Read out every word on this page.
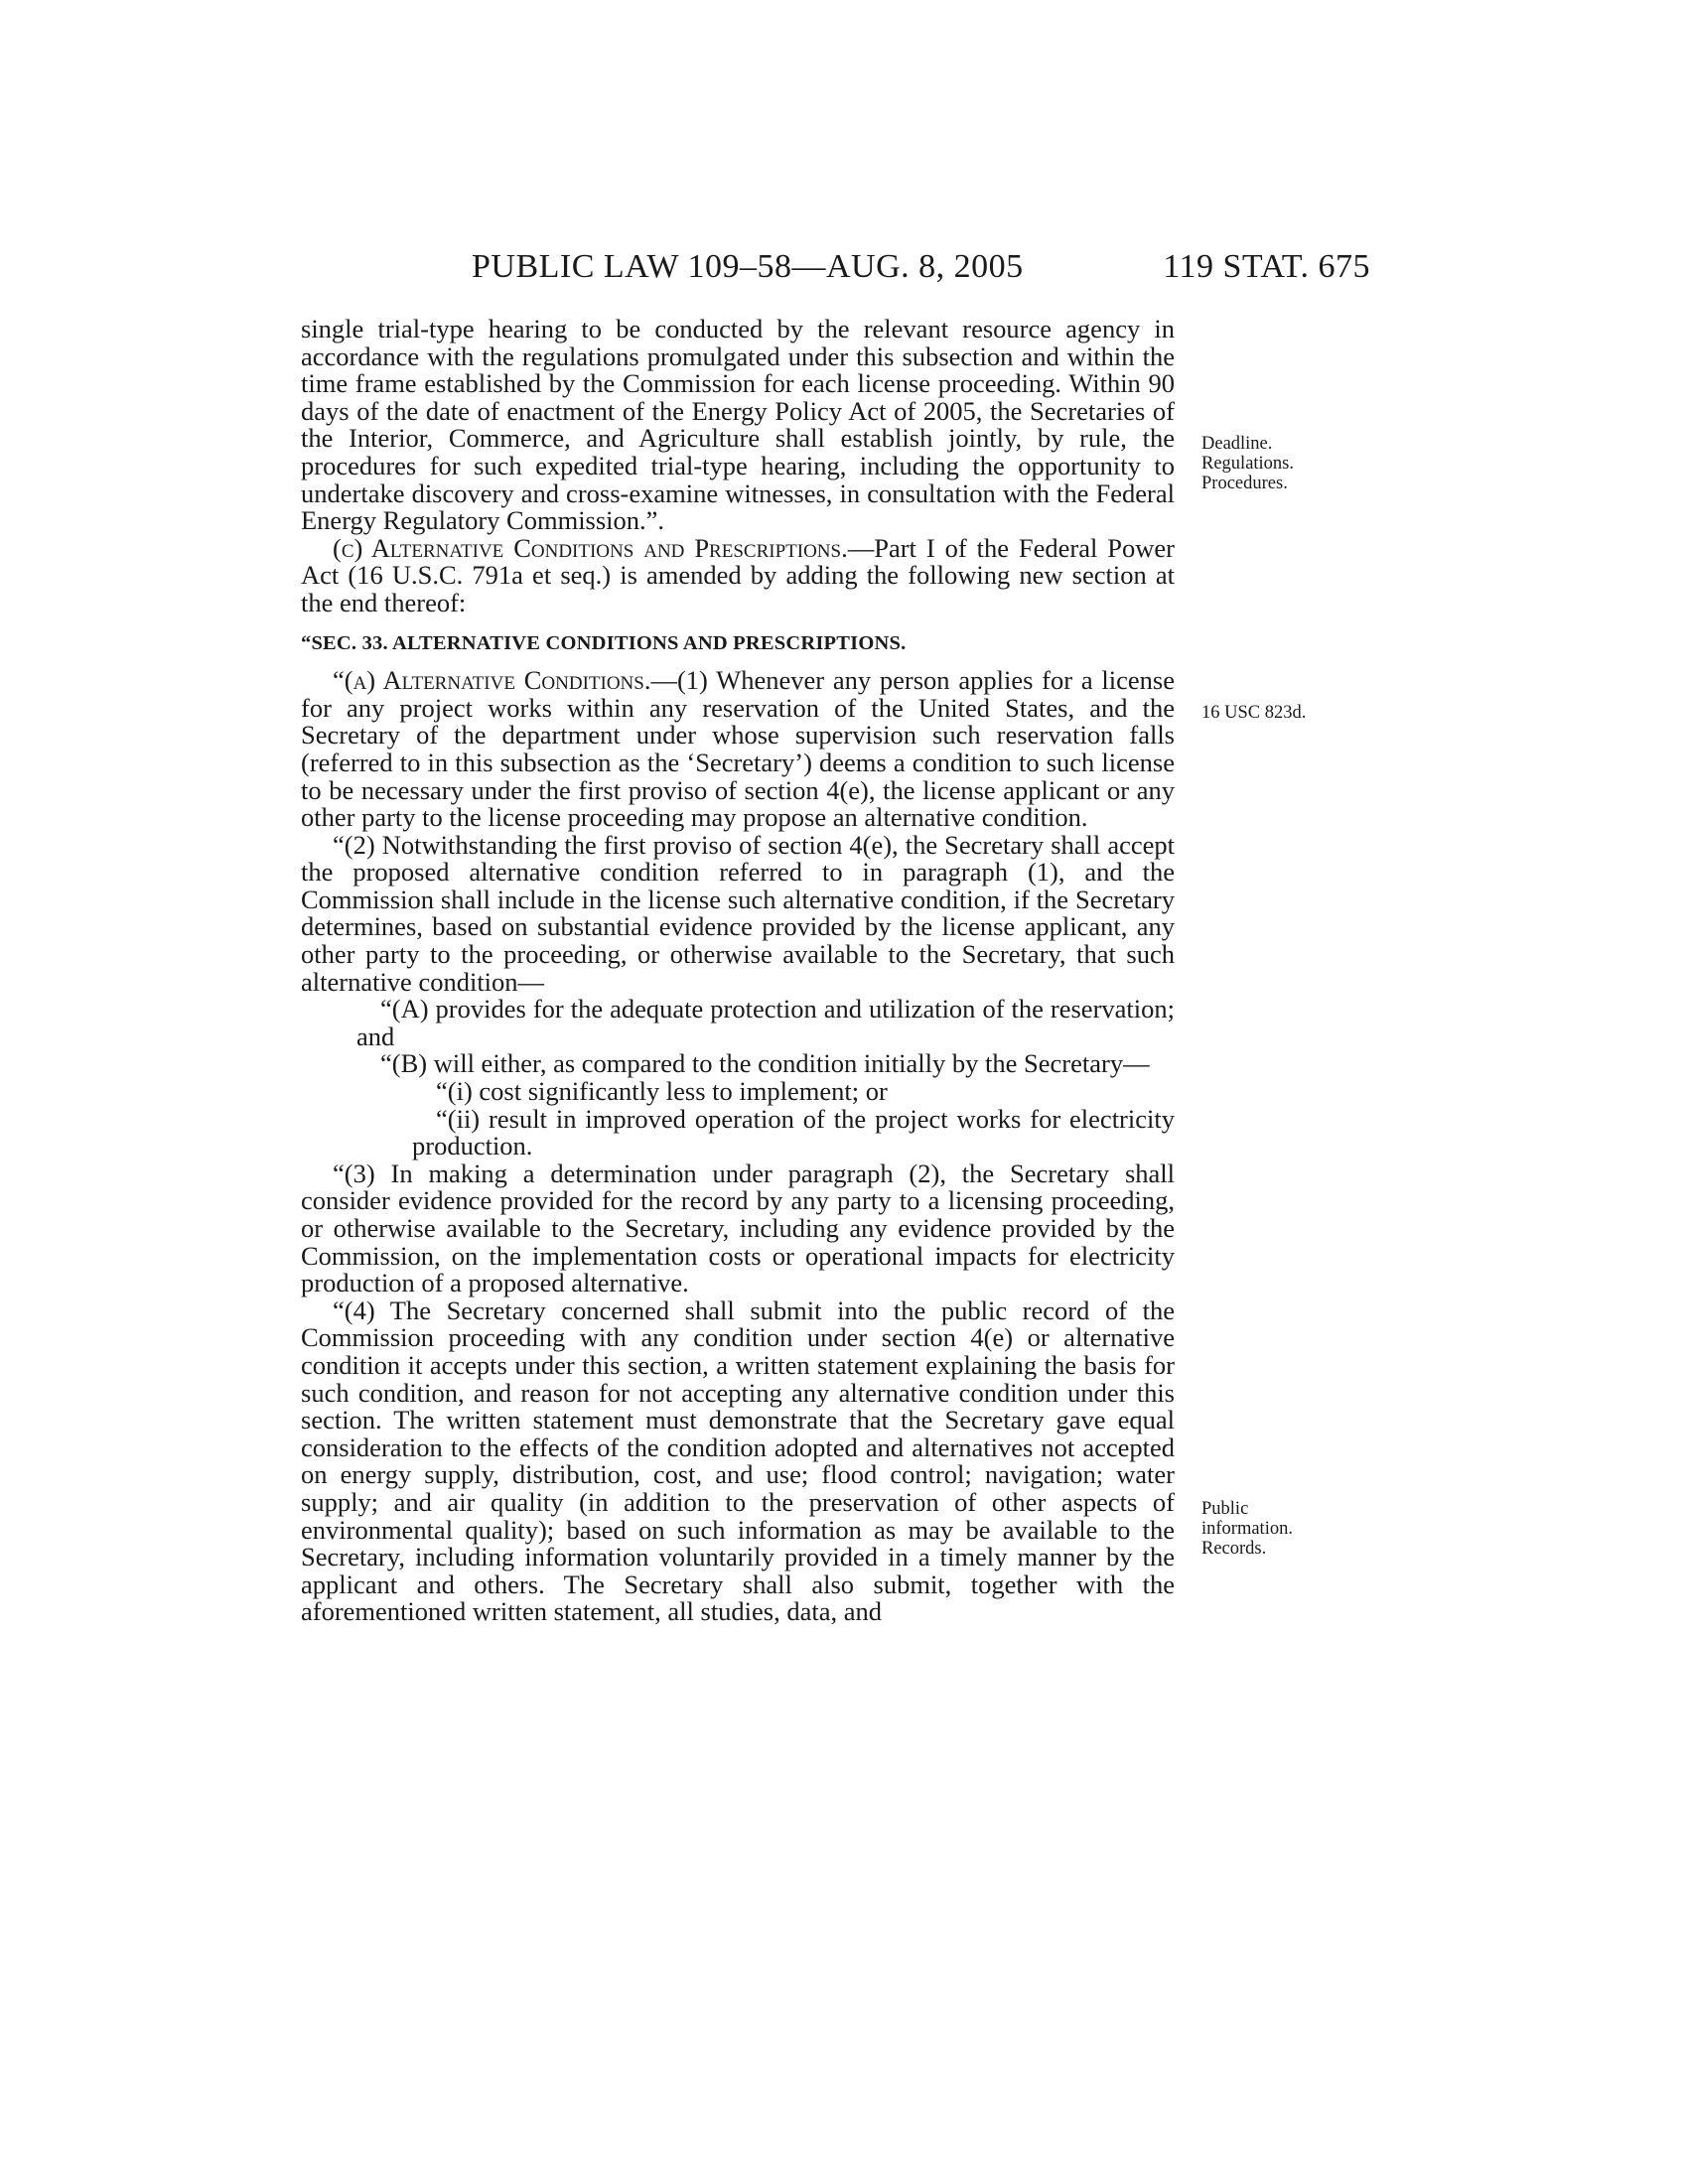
PUBLIC LAW 109–58—AUG. 8, 2005	119 STAT. 675

single trial-type hearing to be conducted by the relevant resource agency in accordance with the regulations promulgated under this subsection and within the time frame established by the Commission for each license proceeding. Within 90 days of the date of enactment of the Energy Policy Act of 2005, the Secretaries of the Interior, Commerce, and Agriculture shall establish jointly, by rule, the procedures for such expedited trial-type hearing, including the opportunity to undertake discovery and cross-examine witnesses, in consultation with the Federal Energy Regulatory Commission.”.

(c) Alternative Conditions and Prescriptions.—Part I of the Federal Power Act (16 U.S.C. 791a et seq.) is amended by adding the following new section at the end thereof:

“SEC. 33. ALTERNATIVE CONDITIONS AND PRESCRIPTIONS.

“(a) Alternative Conditions.—(1) Whenever any person applies for a license for any project works within any reservation of the United States, and the Secretary of the department under whose supervision such reservation falls (referred to in this subsection as the ‘Secretary’) deems a condition to such license to be necessary under the first proviso of section 4(e), the license applicant or any other party to the license proceeding may propose an alternative condition.

“(2) Notwithstanding the first proviso of section 4(e), the Secretary shall accept the proposed alternative condition referred to in paragraph (1), and the Commission shall include in the license such alternative condition, if the Secretary determines, based on substantial evidence provided by the license applicant, any other party to the proceeding, or otherwise available to the Secretary, that such alternative condition—

“(A) provides for the adequate protection and utilization of the reservation; and

“(B) will either, as compared to the condition initially by the Secretary—

“(i) cost significantly less to implement; or

“(ii) result in improved operation of the project works for electricity production.

“(3) In making a determination under paragraph (2), the Secretary shall consider evidence provided for the record by any party to a licensing proceeding, or otherwise available to the Secretary, including any evidence provided by the Commission, on the implementation costs or operational impacts for electricity production of a proposed alternative.

“(4) The Secretary concerned shall submit into the public record of the Commission proceeding with any condition under section 4(e) or alternative condition it accepts under this section, a written statement explaining the basis for such condition, and reason for not accepting any alternative condition under this section. The written statement must demonstrate that the Secretary gave equal consideration to the effects of the condition adopted and alternatives not accepted on energy supply, distribution, cost, and use; flood control; navigation; water supply; and air quality (in addition to the preservation of other aspects of environmental quality); based on such information as may be available to the Secretary, including information voluntarily provided in a timely manner by the applicant and others. The Secretary shall also submit, together with the aforementioned written statement, all studies, data, and

Deadline.
Regulations.
Procedures.
16 USC 823d.
Public
information.
Records.
